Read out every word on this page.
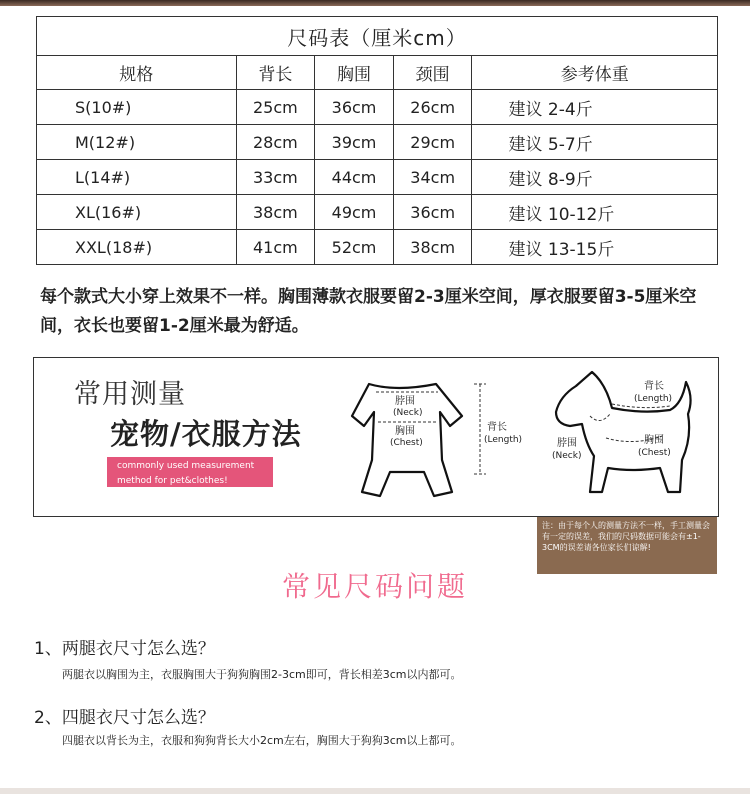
尺码表（厘米cm）				
规格	背长	胸围	颈围	参考体重
S(10#)	25cm	36cm	26cm	建议 2-4斤
M(12#)	28cm	39cm	29cm	建议 5-7斤
L(14#)	33cm	44cm	34cm	建议 8-9斤
XL(16#)	38cm	49cm	36cm	建议 10-12斤
XXL(18#)	41cm	52cm	38cm	建议 13-15斤
每个款式大小穿上效果不一样。胸围薄款衣服要留2-3厘米空间，厚衣服要留3-5厘米空间，衣长也要留1-2厘米最为舒适。
常用测量
宠物/衣服方法
commonly used measurement
method for pet&clothes!
脖围
(Neck)
胸围
(Chest)
背长
(Length)
背长
(Length)
脖围
(Neck)
胸围
(Chest)
注：由于每个人的测量方法不一样，手工测量会有一定的误差，我们的尺码数据可能会有±1-3CM的误差请各位家长们谅解!
常见尺码问题
1、两腿衣尺寸怎么选？
两腿衣以胸围为主，衣服胸围大于狗狗胸围2-3cm即可，背长相差3cm以内都可。
2、四腿衣尺寸怎么选？
四腿衣以背长为主，衣服和狗狗背长大小2cm左右，胸围大于狗狗3cm以上都可。
